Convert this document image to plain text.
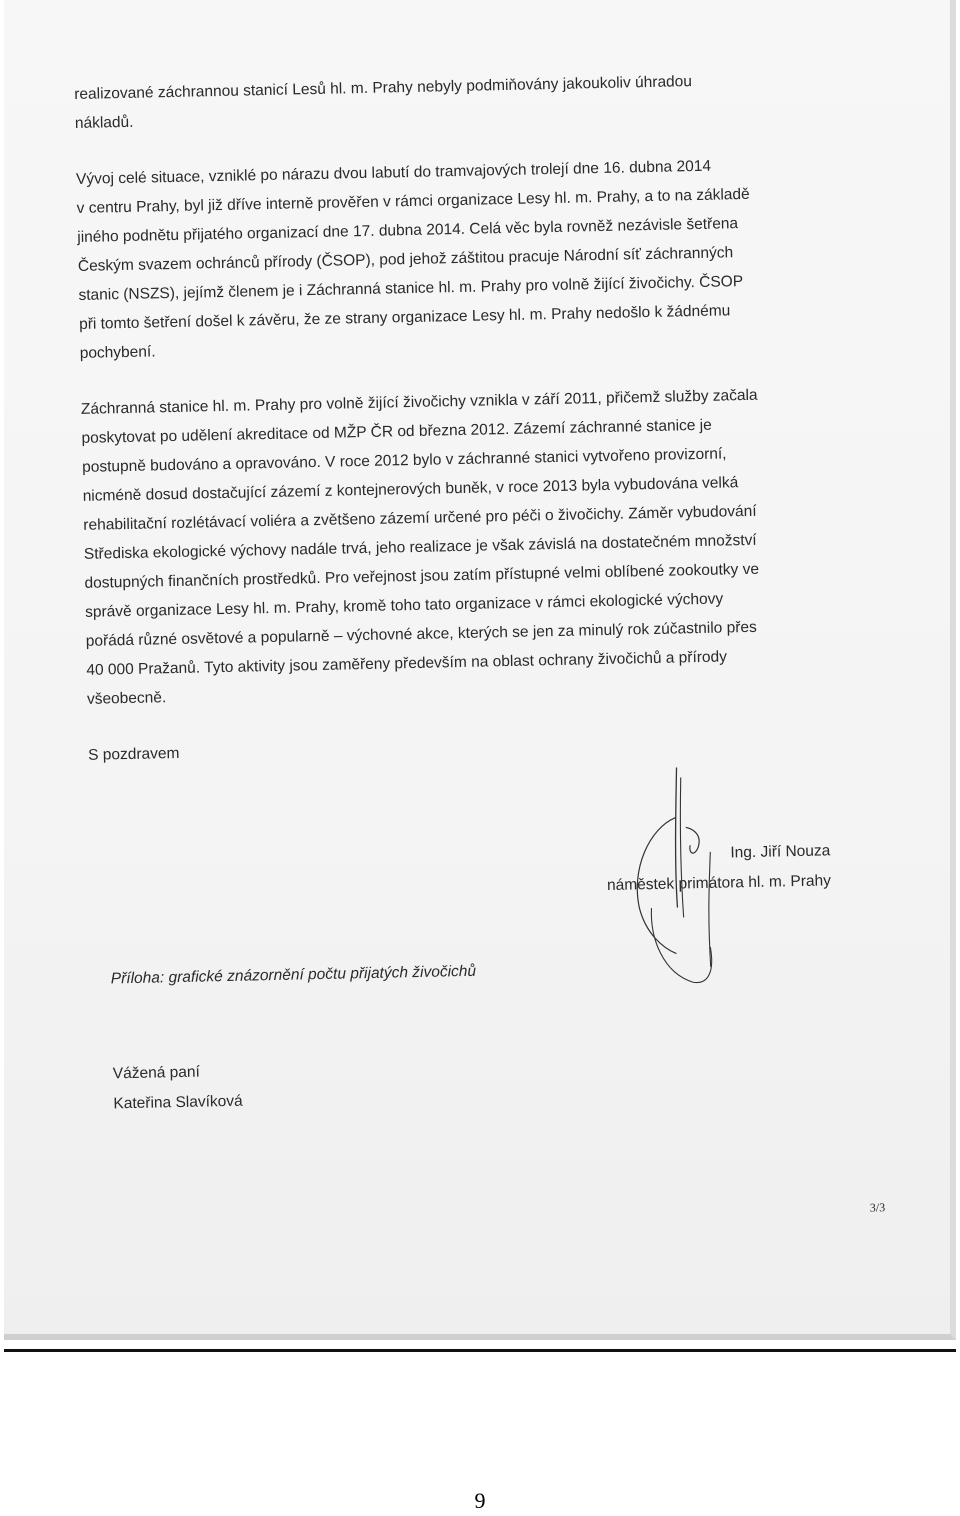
realizované záchrannou stanicí Lesů hl. m. Prahy nebyly podmiňovány jakoukoliv úhradou

nákladů.

Vývoj celé situace, vzniklé po nárazu dvou labutí do tramvajových trolejí dne 16. dubna 2014

v centru Prahy, byl již dříve interně prověřen v rámci organizace Lesy hl. m. Prahy, a to na základě

jiného podnětu přijatého organizací dne 17. dubna 2014. Celá věc byla rovněž nezávisle šetřena

Českým svazem ochránců přírody (ČSOP), pod jehož záštitou pracuje Národní síť záchranných

stanic (NSZS), jejímž členem je i Záchranná stanice hl. m. Prahy pro volně žijící živočichy. ČSOP

při tomto šetření došel k závěru, že ze strany organizace Lesy hl. m. Prahy nedošlo k žádnému

pochybení.

Záchranná stanice hl. m. Prahy pro volně žijící živočichy vznikla v září 2011, přičemž služby začala

poskytovat po udělení akreditace od MŽP ČR od března 2012. Zázemí záchranné stanice je

postupně budováno a opravováno. V roce 2012 bylo v záchranné stanici vytvořeno provizorní,

nicméně dosud dostačující zázemí z kontejnerových buněk, v roce 2013 byla vybudována velká

rehabilitační rozlétávací voliéra a zvětšeno zázemí určené pro péči o živočichy. Záměr vybudování

Střediska ekologické výchovy nadále trvá, jeho realizace je však závislá na dostatečném množství

dostupných finančních prostředků. Pro veřejnost jsou zatím přístupné velmi oblíbené zookoutky ve

správě organizace Lesy hl. m. Prahy, kromě toho tato organizace v rámci ekologické výchovy

pořádá různé osvětové a popularně – výchovné akce, kterých se jen za minulý rok zúčastnilo přes

40 000 Pražanů. Tyto aktivity jsou zaměřeny především na oblast ochrany živočichů a přírody

všeobecně.

S pozdravem
Ing. Jiří Nouza
náměstek primátora hl. m. Prahy
Příloha: grafické znázornění počtu přijatých živočichů
Vážená paní
Kateřina Slavíková
3/3
9
